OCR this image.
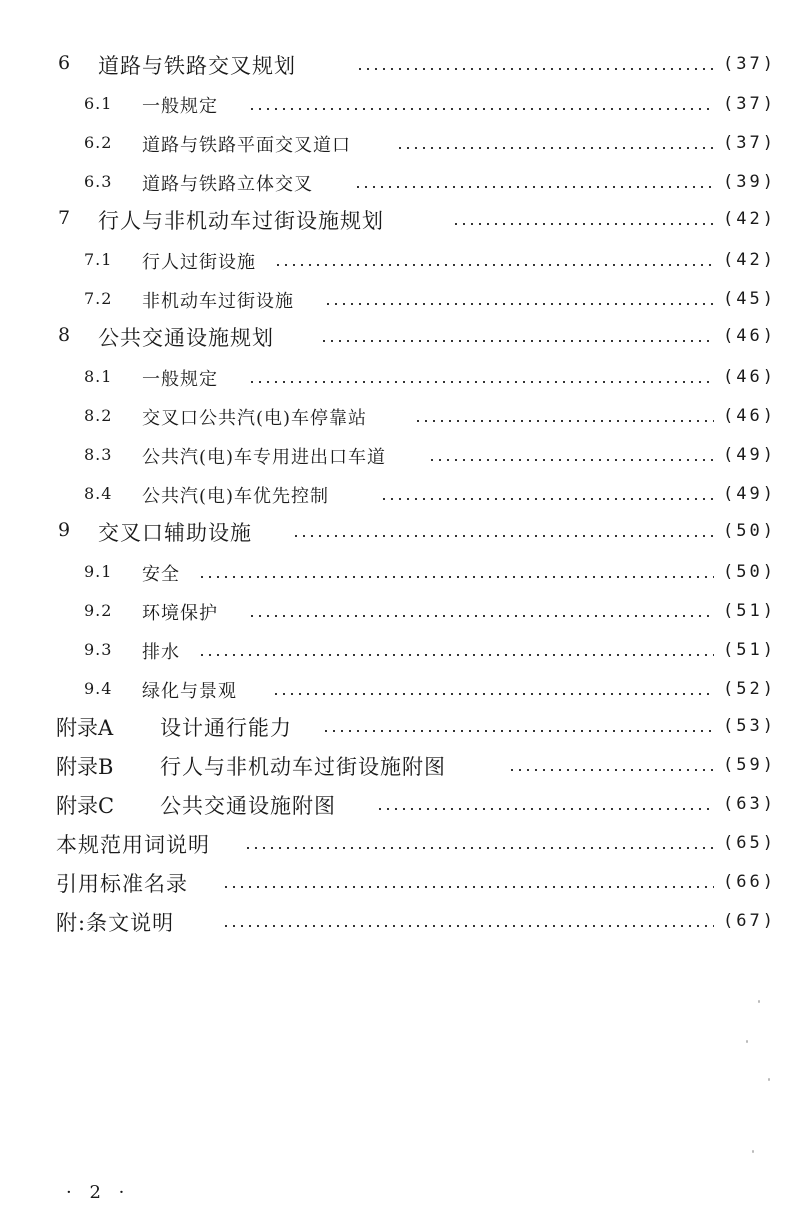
6 道路与铁路交叉规划	(37)
6.1 一般规定	(37)
6.2 道路与铁路平面交叉道口	(37)
6.3 道路与铁路立体交叉	(39)
7 行人与非机动车过街设施规划	(42)
7.1 行人过街设施	(42)
7.2 非机动车过街设施	(45)
8 公共交通设施规划	(46)
8.1 一般规定	(46)
8.2 交叉口公共汽(电)车停靠站	(46)
8.3 公共汽(电)车专用进出口车道	(49)
8.4 公共汽(电)车优先控制	(49)
9 交叉口辅助设施	(50)
9.1 安全	(50)
9.2 环境保护	(51)
9.3 排水	(51)
9.4 绿化与景观	(52)
附录A 设计通行能力	(53)
附录B 行人与非机动车过街设施附图	(59)
附录C 公共交通设施附图	(63)
本规范用词说明	(65)
引用标准名录	(66)
附:条文说明	(67)
· 2 ·
